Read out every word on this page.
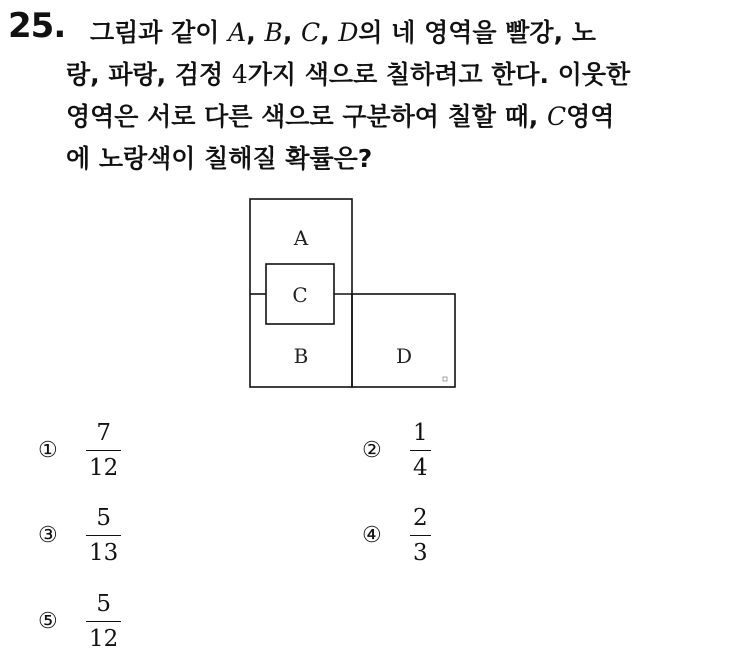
25. 그림과 같이 A, B, C, D의 네 영역을 빨강, 노
랑, 파랑, 검정 4가지 색으로 칠하려고 한다. 이웃한
영역은 서로 다른 색으로 구분하여 칠할 때, C영역
에 노랑색이 칠해질 확률은?
A
B
C
D
①	$\frac{7}{12}$	②	$\frac{1}{4}$
③	$\frac{5}{13}$	④	$\frac{2}{3}$
⑤	$\frac{5}{12}$
